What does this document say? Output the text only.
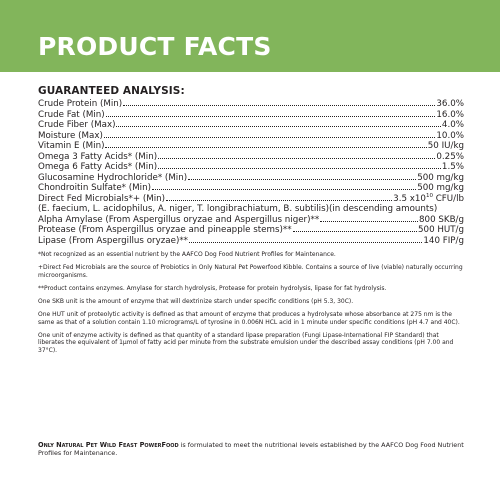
PRODUCT FACTS
GUARANTEED ANALYSIS:
Crude Protein (Min)	36.0%
Crude Fat (Min)	16.0%
Crude Fiber (Max)	4.0%
Moisture (Max)	10.0%
Vitamin E (Min)	50 IU/kg
Omega 3 Fatty Acids* (Min)	0.25%
Omega 6 Fatty Acids* (Min)	1.5%
Glucosamine Hydrochloride* (Min)	500 mg/kg
Chondroitin Sulfate* (Min)	500 mg/kg
Direct Fed Microbials*+ (Min)	3.5 $x10^{10}$ CFU/lb
(E. faecium, L. acidophilus, A. niger, T. longibrachiatum, B. subtilis)(in descending amounts)
Alpha Amylase (From Aspergillus oryzae and Aspergillus niger)**	800 SKB/g
Protease (From Aspergillus oryzae and pineapple stems)**	500 HUT/g
Lipase (From Aspergillus oryzae)**	140 FIP/g

*Not recognized as an essential nutrient by the AAFCO Dog Food Nutrient Profiles for Maintenance.

+Direct Fed Microbials are the source of Probiotics in Only Natural Pet Powerfood Kibble. Contains a source of live (viable) naturally occurring microorganisms.

**Product contains enzymes. Amylase for starch hydrolysis, Protease for protein hydrolysis, lipase for fat hydrolysis.

One SKB unit is the amount of enzyme that will dextrinize starch under specific conditions (pH 5.3, 30C).

One HUT unit of proteolytic activity is defined as that amount of enzyme that produces a hydrolysate whose absorbance at 275 nm is the same as that of a solution contain 1.10 micrograms/L of tyrosine in 0.006N HCL acid in 1 minute under specific conditions (pH 4.7 and 40C).

One unit of enzyme activity is defined as that quantity of a standard lipase preparation (Fungi Lipase-International FIP Standard) that liberates the equivalent of 1µmol of fatty acid per minute from the substrate emulsion under the described assay conditions (pH 7.00 and 37°C).

Only Natural Pet Wild Feast PowerFood is formulated to meet the nutritional levels established by the AAFCO Dog Food Nutrient Profiles for Maintenance.
